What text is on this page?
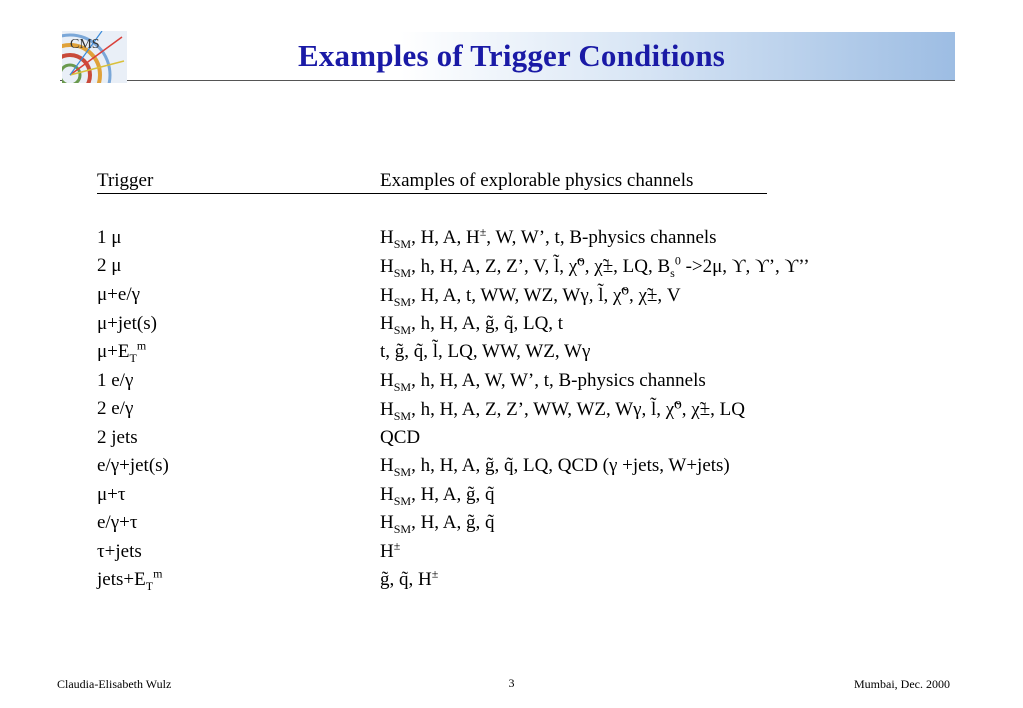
CMS	Examples of Trigger Conditions
Trigger	Examples of explorable physics channels
1 μ	$H_{SM}$, H, A, H±, W, W’, t, B-physics channels
2 μ	$H_{SM}$, h, H, A, Z, Z’, V, l̃, χ̃⁰, χ̃±, LQ, $B_s^0$ ->2μ, ϒ, ϒ’, ϒ’’
μ+e/γ	$H_{SM}$, H, A, t, WW, WZ, Wγ, l̃, χ̃⁰, χ̃±, V
μ+jet(s)	$H_{SM}$, h, H, A, g̃, q̃, LQ, t
$\mu+E_T^m$	t, g̃, q̃, l̃, LQ, WW, WZ, Wγ
1 e/γ	$H_{SM}$, h, H, A, W, W’, t, B-physics channels
2 e/γ	$H_{SM}$, h, H, A, Z, Z’, WW, WZ, Wγ, l̃, χ̃⁰, χ̃±, LQ
2 jets	QCD
e/γ+jet(s)	$H_{SM}$, h, H, A, g̃, q̃, LQ, QCD (γ +jets, W+jets)
μ+τ	$H_{SM}$, H, A, g̃, q̃
e/γ+τ	$H_{SM}$, H, A, g̃, q̃
τ+jets	H±
$jets+E_T^m$	g̃, q̃, H±
Claudia-Elisabeth Wulz	3	Mumbai, Dec. 2000
